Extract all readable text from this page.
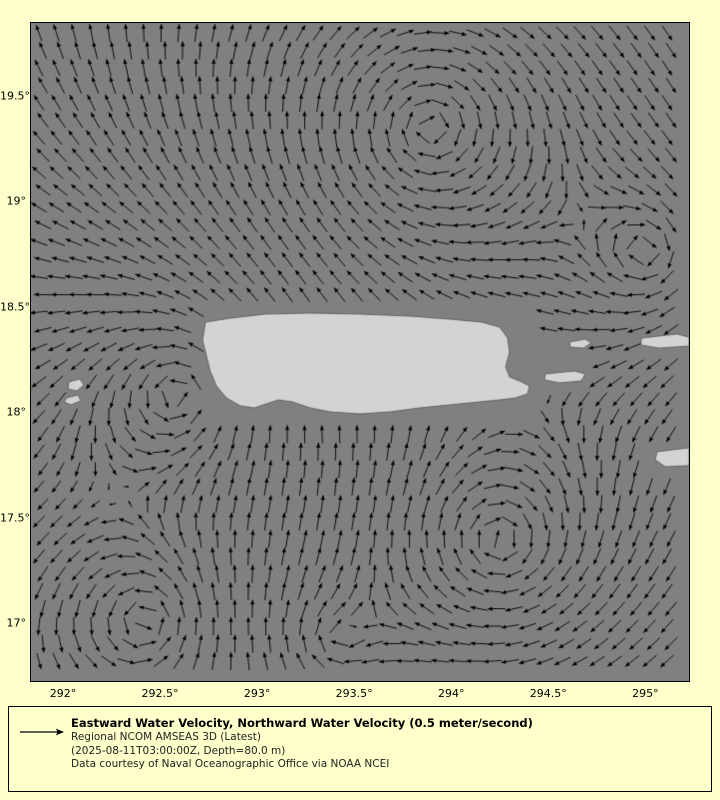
19.5°
19°
18.5°
18°
17.5°
17°
292°	292.5°	293°	293.5°	294°	294.5°	295°
Eastward Water Velocity, Northward Water Velocity (0.5 meter/second)
Regional NCOM AMSEAS 3D (Latest)
(2025-08-11T03:00:00Z, Depth=80.0 m)
Data courtesy of Naval Oceanographic Office via NOAA NCEI
